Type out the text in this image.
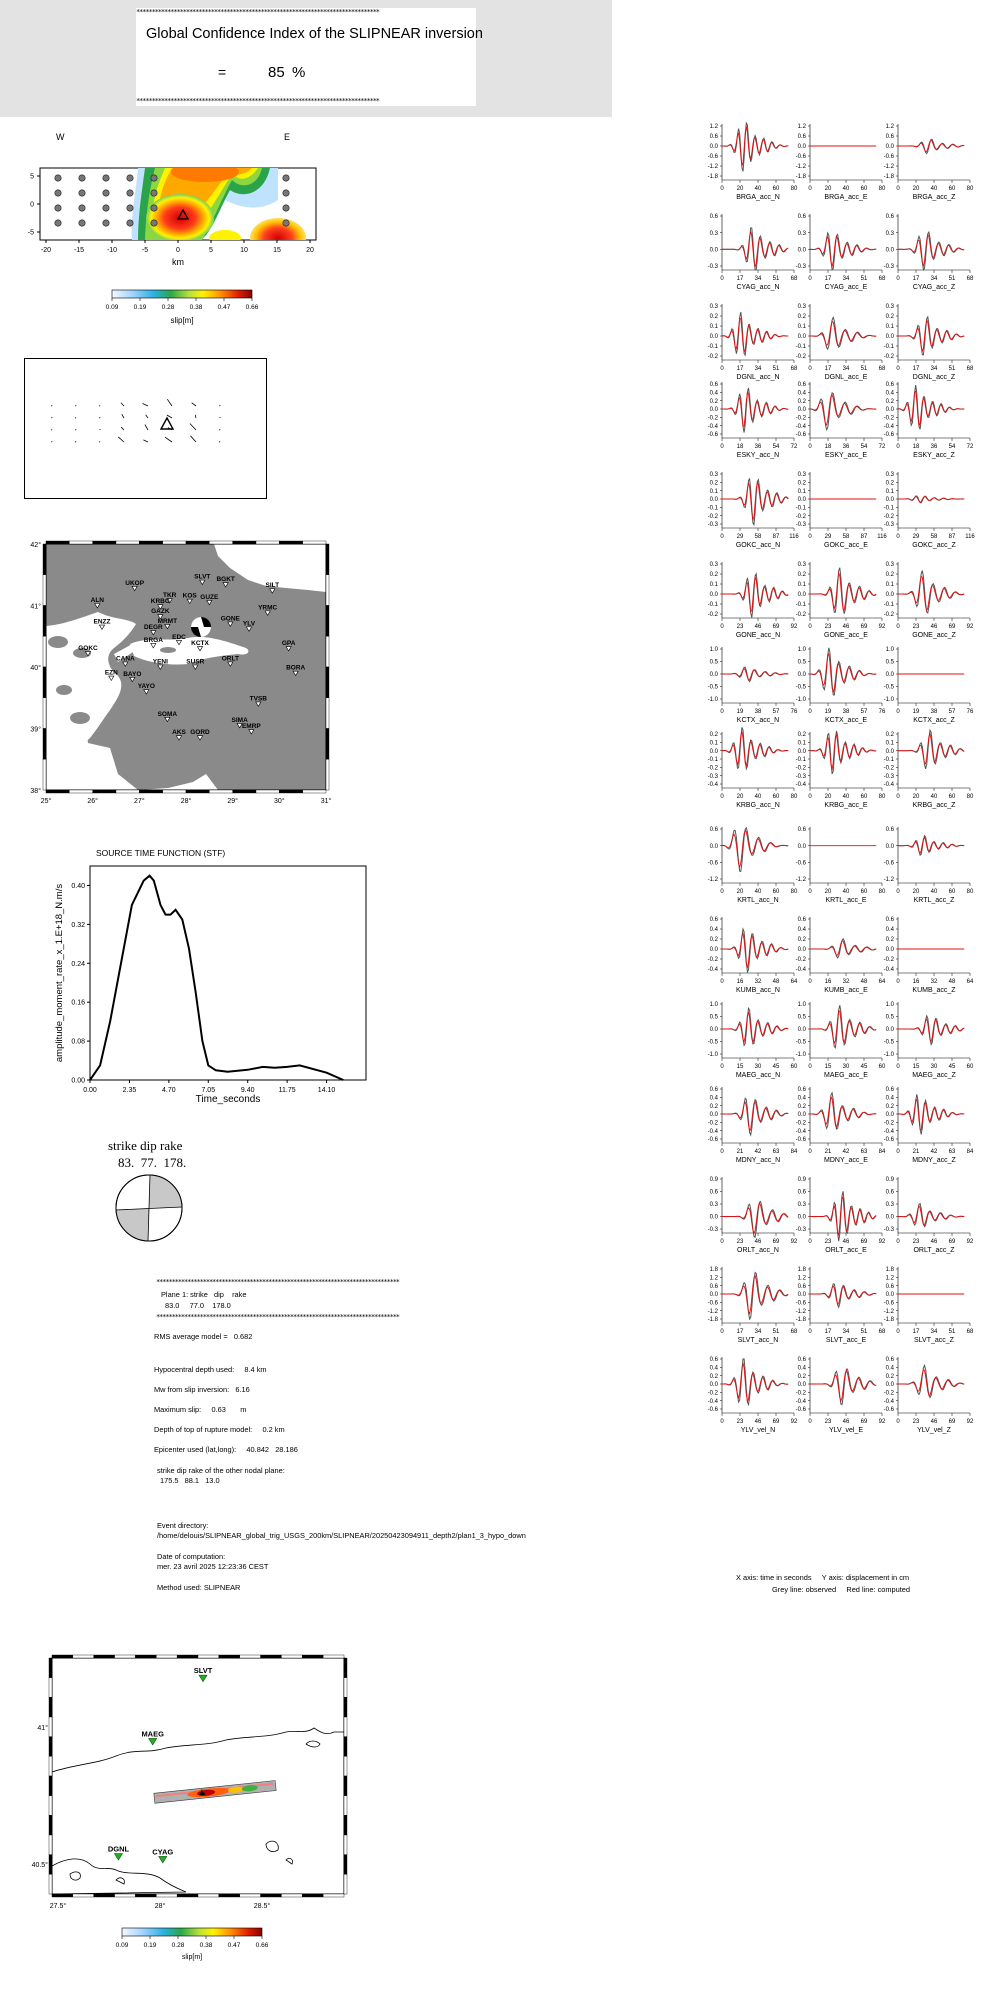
******************************************************************************
Global Confidence Index of the SLIPNEAR inversion
=	85 %
******************************************************************************
W	E
-20	-15	-10	-5	0	5	10	15	20
5
0
-5
km
0.09 0.19 0.28 0.38 0.47 0.66
slip[m]
25°	26°	27°	28°	29°	30°	31°
42°
41°
40°
39°
38°
UKOP
ALN
ENZZ
SLVT BGKT
SILT
TKR KOS GUZE
KRBG
GAZK
YRMC
MRMT	GONE
DEGR
YLV
EDC
BRGA	KCTX	GPA
GOKC
ORLT
BORA
CANA	YENI	SUSR
EZN BAYO
YAYO
TVSB
SOMA
SIMA
EMRP
AKS GORD
SOURCE TIME FUNCTION (STF)
0.00	2.35	4.70	7.05	9.40	11.75	14.10
0.00
0.08
0.16
0.24
0.32
0.40
Time_seconds
amplitude_moment_rate_x_1.E+18_N.m/s
strike dip rake
83.  77.  178.
******************************************************************************
Plane 1: strike   dip    rake
83.0     77.0    178.0
******************************************************************************
RMS average model =   0.682
Hypocentral depth used:     8.4 km
Mw from slip inversion:   6.16
Maximum slip:     0.63       m
Depth of top of rupture model:     0.2 km
Epicenter used (lat,long):     40.842   28.186
strike dip rake of the other nodal plane:
175.5   88.1   13.0
Event directory:
/home/delouis/SLIPNEAR_global_trig_USGS_200km/SLIPNEAR/20250423094911_depth2/plan1_3_hypo_down
Date of computation:
mer. 23 avril 2025 12:23:36 CEST
Method used: SLIPNEAR
27.5°	28°	28.5°
41°
40.5°
SLVT
MAEG
DGNL	CYAG
0.09 0.19 0.28 0.38 0.47 0.66
slip[m]
1.2
0.6
0.0
-0.6
-1.2
-1.8
0 20 40 60 80
BRGA_acc_N
1.2
0.6
0.0
-0.6
-1.2
-1.8
0 20 40 60 80
BRGA_acc_E
1.2
0.6
0.0
-0.6
-1.2
-1.8
0 20 40 60 80
BRGA_acc_Z
0.6
0.3
0.0
-0.3
0 17 34 51 68
CYAG_acc_N
0.6
0.3
0.0
-0.3
0 17 34 51 68
CYAG_acc_E
0.6
0.3
0.0
-0.3
0 17 34 51 68
CYAG_acc_Z
0.3
0.2
0.1
0.0
-0.1
-0.2
0 17 34 51 68
DGNL_acc_N
0.3
0.2
0.1
0.0
-0.1
-0.2
0 17 34 51 68
DGNL_acc_E
0.3
0.2
0.1
0.0
-0.1
-0.2
0 17 34 51 68
DGNL_acc_Z
0.6
0.4
0.2
0.0
-0.2
-0.4
-0.6
0 18 36 54 72
ESKY_acc_N
0.6
0.4
0.2
0.0
-0.2
-0.4
-0.6
0 18 36 54 72
ESKY_acc_E
0.6
0.4
0.2
0.0
-0.2
-0.4
-0.6
0 18 36 54 72
ESKY_acc_Z
0.3
0.2
0.1
0.0
-0.1
-0.2
-0.3
0 29 58 87 116
GOKC_acc_N
0.3
0.2
0.1
0.0
-0.1
-0.2
-0.3
0 29 58 87 116
GOKC_acc_E
0.3
0.2
0.1
0.0
-0.1
-0.2
-0.3
0 29 58 87 116
GOKC_acc_Z
0.3
0.2
0.1
0.0
-0.1
-0.2
0 23 46 69 92
GONE_acc_N
0.3
0.2
0.1
0.0
-0.1
-0.2
0 23 46 69 92
GONE_acc_E
0.3
0.2
0.1
0.0
-0.1
-0.2
0 23 46 69 92
GONE_acc_Z
1.0
0.5
0.0
-0.5
-1.0
0 19 38 57 76
KCTX_acc_N
1.0
0.5
0.0
-0.5
-1.0
0 19 38 57 76
KCTX_acc_E
1.0
0.5
0.0
-0.5
-1.0
0 19 38 57 76
KCTX_acc_Z
0.2
0.1
0.0
-0.1
-0.2
-0.3
-0.4
0 20 40 60 80
KRBG_acc_N
0.2
0.1
0.0
-0.1
-0.2
-0.3
-0.4
0 20 40 60 80
KRBG_acc_E
0.2
0.1
0.0
-0.1
-0.2
-0.3
-0.4
0 20 40 60 80
KRBG_acc_Z
0.6
0.0
-0.6
-1.2
0 20 40 60 80
KRTL_acc_N
0.6
0.0
-0.6
-1.2
0 20 40 60 80
KRTL_acc_E
0.6
0.0
-0.6
-1.2
0 20 40 60 80
KRTL_acc_Z
0.6
0.4
0.2
0.0
-0.2
-0.4
0 16 32 48 64
KUMB_acc_N
0.6
0.4
0.2
0.0
-0.2
-0.4
0 16 32 48 64
KUMB_acc_E
0.6
0.4
0.2
0.0
-0.2
-0.4
0 16 32 48 64
KUMB_acc_Z
1.0
0.5
0.0
-0.5
-1.0
0 15 30 45 60
MAEG_acc_N
1.0
0.5
0.0
-0.5
-1.0
0 15 30 45 60
MAEG_acc_E
1.0
0.5
0.0
-0.5
-1.0
0 15 30 45 60
MAEG_acc_Z
0.6
0.4
0.2
0.0
-0.2
-0.4
-0.6
0 21 42 63 84
MDNY_acc_N
0.6
0.4
0.2
0.0
-0.2
-0.4
-0.6
0 21 42 63 84
MDNY_acc_E
0.6
0.4
0.2
0.0
-0.2
-0.4
-0.6
0 21 42 63 84
MDNY_acc_Z
0.9
0.6
0.3
0.0
-0.3
0 23 46 69 92
ORLT_acc_N
0.9
0.6
0.3
0.0
-0.3
0 23 46 69 92
ORLT_acc_E
0.9
0.6
0.3
0.0
-0.3
0 23 46 69 92
ORLT_acc_Z
1.8
1.2
0.6
0.0
-0.6
-1.2
-1.8
0 17 34 51 68
SLVT_acc_N
1.8
1.2
0.6
0.0
-0.6
-1.2
-1.8
0 17 34 51 68
SLVT_acc_E
1.8
1.2
0.6
0.0
-0.6
-1.2
-1.8
0 17 34 51 68
SLVT_acc_Z
0.6
0.4
0.2
0.0
-0.2
-0.4
-0.6
0 23 46 69 92
YLV_vel_N
0.6
0.4
0.2
0.0
-0.2
-0.4
-0.6
0 23 46 69 92
YLV_vel_E
0.6
0.4
0.2
0.0
-0.2
-0.4
-0.6
0 23 46 69 92
YLV_vel_Z
X axis: time in seconds     Y axis: displacement in cm
Grey line: observed     Red line: computed
